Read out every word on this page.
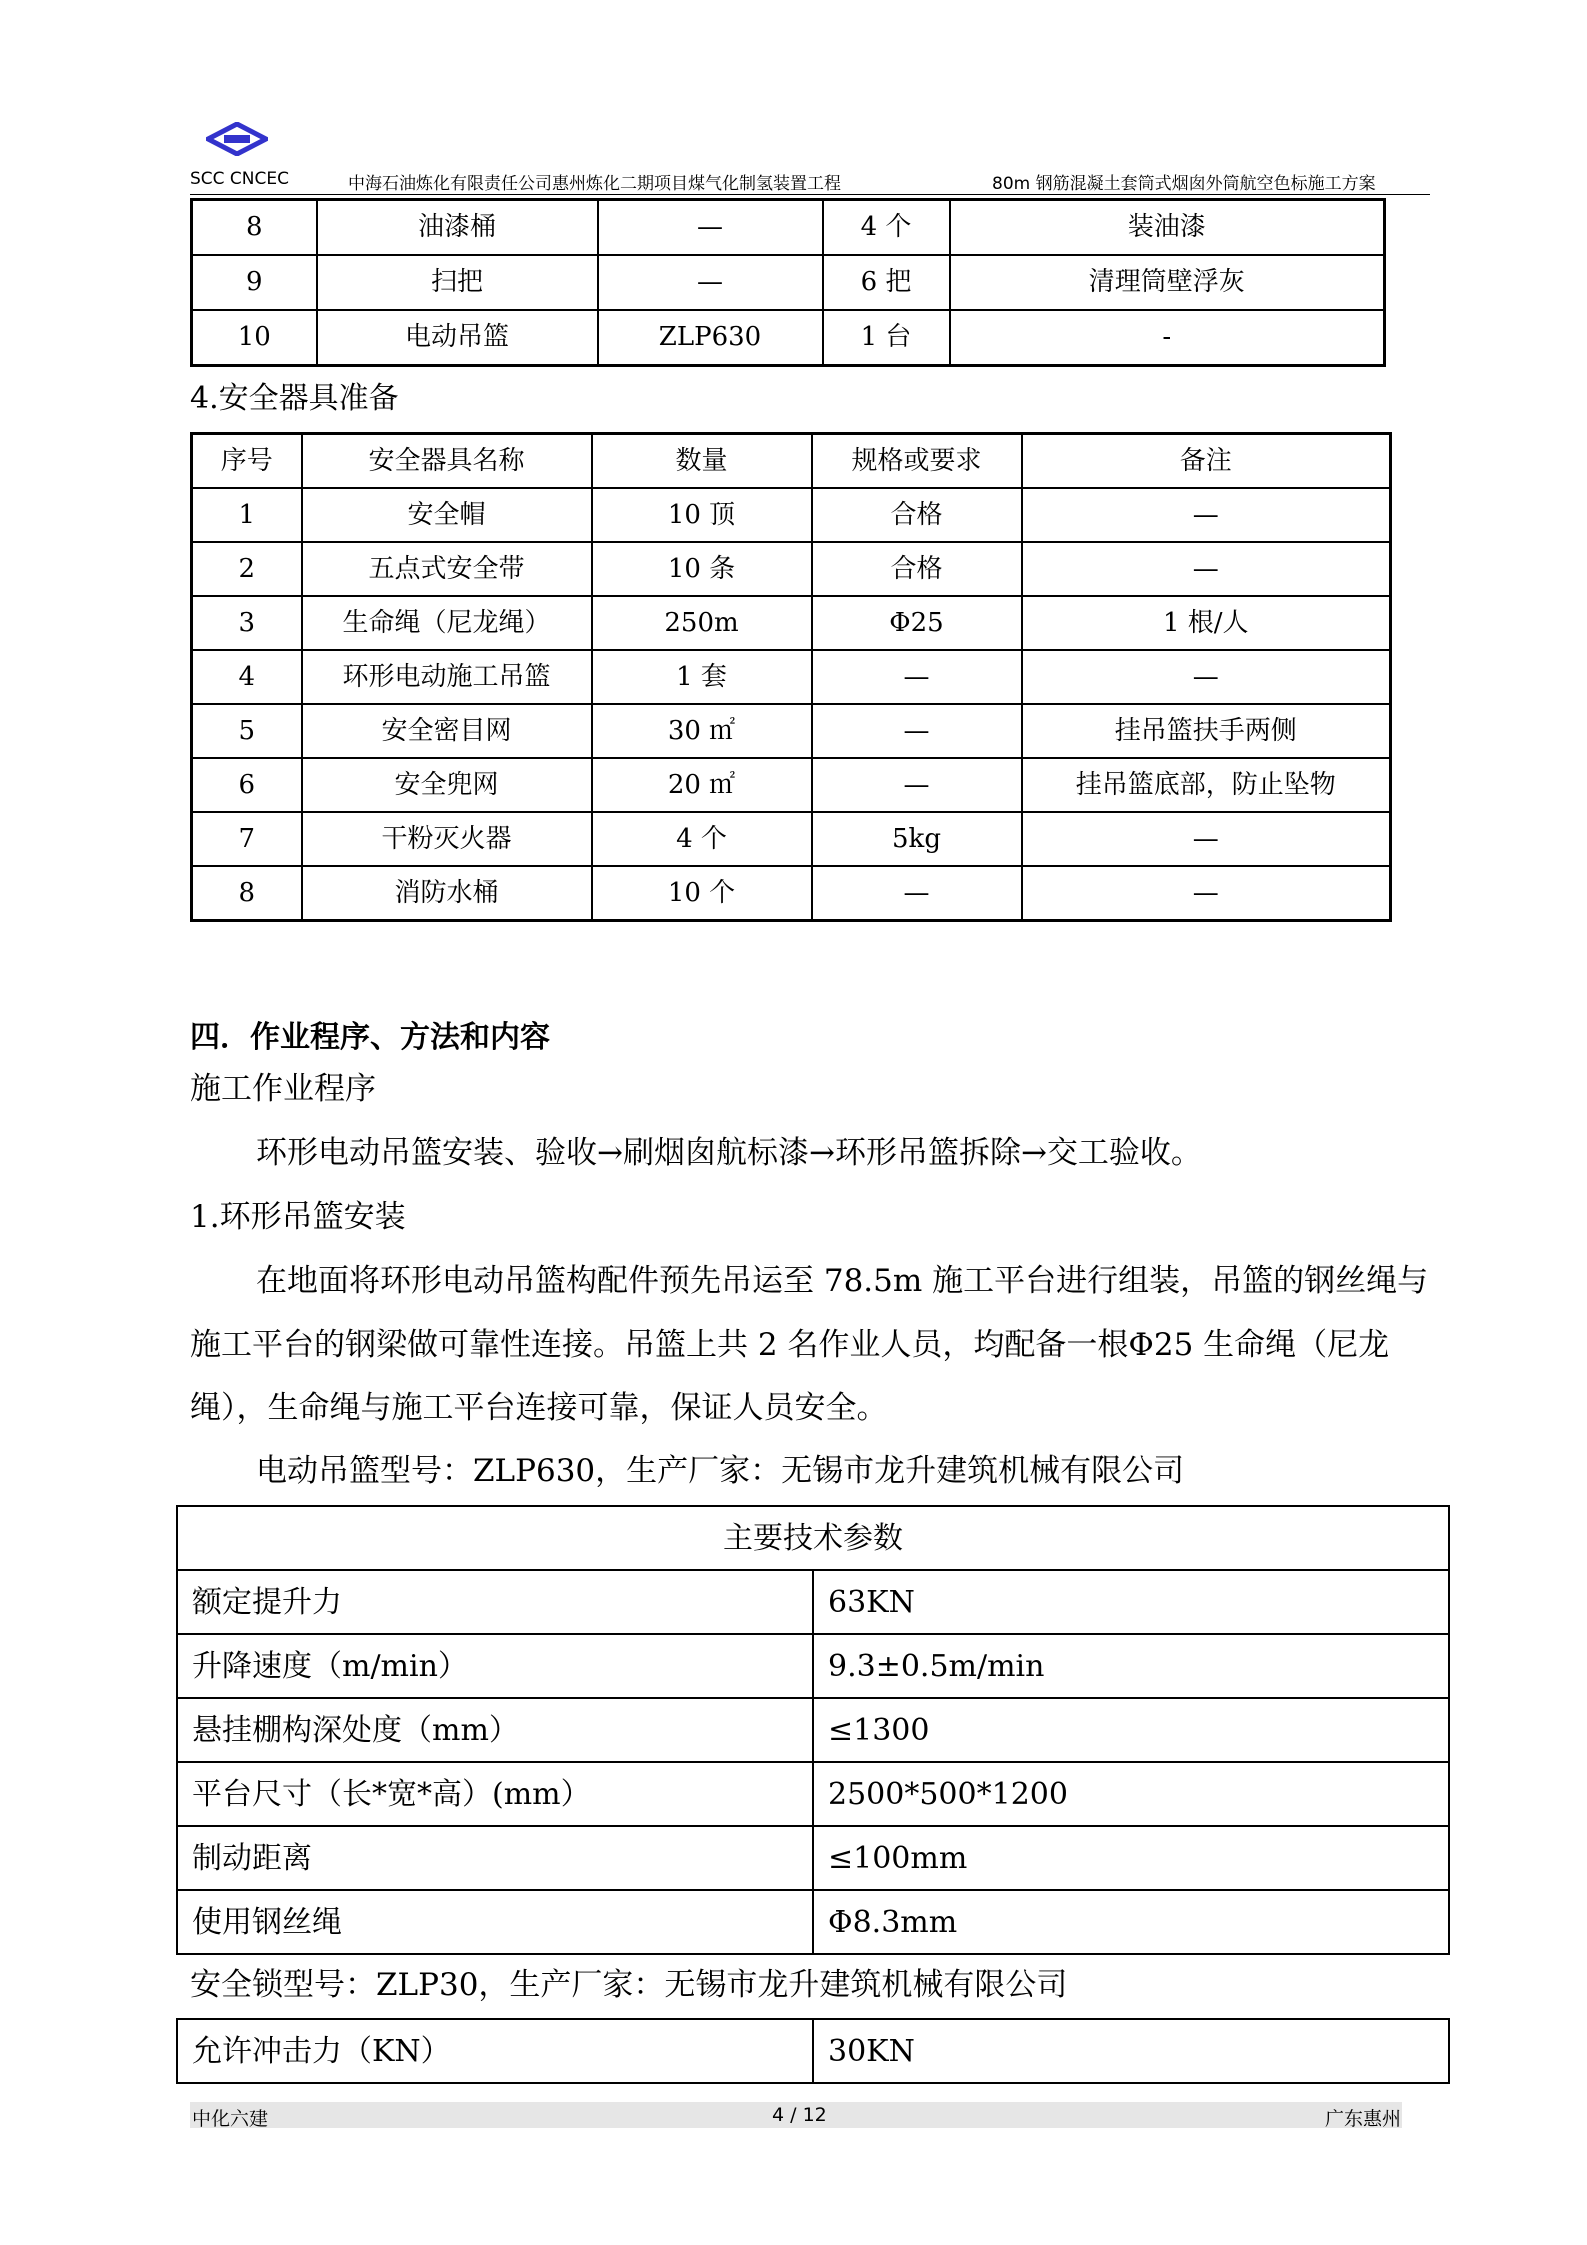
SCC CNCEC	中海石油炼化有限责任公司惠州炼化二期项目煤气化制氢装置工程	80m 钢筋混凝土套筒式烟囱外筒航空色标施工方案
8	油漆桶	—	4 个	装油漆
9	扫把	—	6 把	清理筒壁浮灰
10	电动吊篮	ZLP630	1 台	-
4.安全器具准备
序号	安全器具名称	数量	规格或要求	备注
1	安全帽	10 顶	合格	—
2	五点式安全带	10 条	合格	—
3	生命绳（尼龙绳）	250m	Φ25	1 根/人
4	环形电动施工吊篮	1 套	—	—
5	安全密目网	30 ㎡	—	挂吊篮扶手两侧
6	安全兜网	20 ㎡	—	挂吊篮底部，防止坠物
7	干粉灭火器	4 个	5kg	—
8	消防水桶	10 个	—	—
四．作业程序、方法和内容
施工作业程序
环形电动吊篮安装、验收→刷烟囱航标漆→环形吊篮拆除→交工验收。
1.环形吊篮安装
在地面将环形电动吊篮构配件预先吊运至 78.5m 施工平台进行组装，吊篮的钢丝绳与
施工平台的钢梁做可靠性连接。吊篮上共 2 名作业人员，均配备一根Φ25 生命绳（尼龙
绳），生命绳与施工平台连接可靠，保证人员安全。
电动吊篮型号：ZLP630，生产厂家：无锡市龙升建筑机械有限公司
主要技术参数	
额定提升力	63KN
升降速度（m/min）	9.3±0.5m/min
悬挂棚构深处度（mm）	≤1300
平台尺寸（长*宽*高）(mm）	2500*500*1200
制动距离	≤100mm
使用钢丝绳	Φ8.3mm
安全锁型号：ZLP30，生产厂家：无锡市龙升建筑机械有限公司
允许冲击力（KN）	30KN
中化六建	4 / 12	广东惠州
